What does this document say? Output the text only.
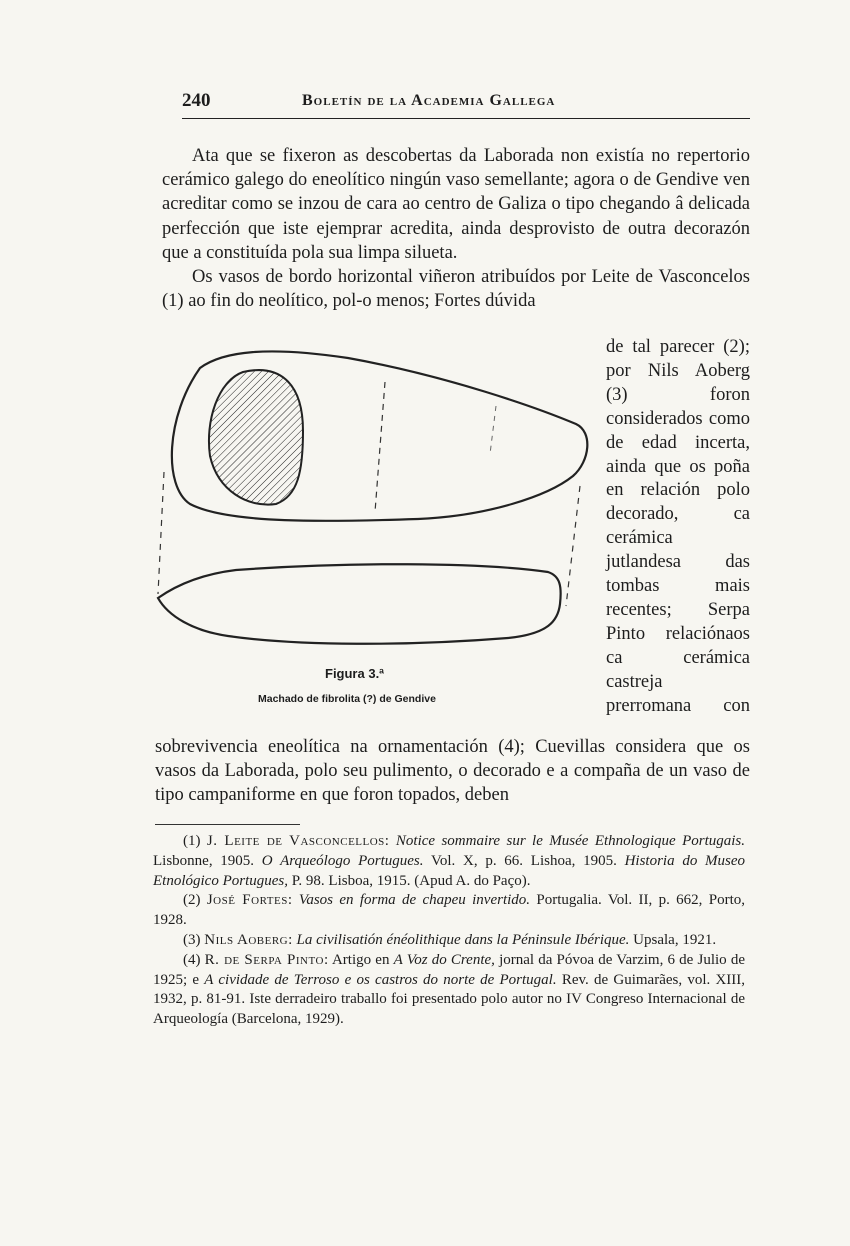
240	Boletín de la Academia Gallega

Ata que se fixeron as descobertas da Laborada non existía no repertorio cerámico galego do eneolítico ningún vaso semellante; agora o de Gendive ven acreditar como se inzou de cara ao centro de Galiza o tipo chegando â delicada perfección que iste ejemprar acredita, ainda desprovisto de outra decorazón que a constituída pola sua limpa silueta.

Os vasos de bordo horizontal viñeron atribuídos por Leite de Vasconcelos (1) ao fin do neolítico, pol-o menos; Fortes dúvida

Figura 3.ª
Machado de fibrolita (?) de Gendive
de tal parecer (2); por Nils Aoberg (3) foron considerados como de edad incerta, ainda que os poña en relación polo decorado, ca cerámica jutlandesa das tombas mais recentes; Serpa Pinto relaciónaos ca cerámica castreja prerromana con
sobrevivencia eneolítica na ornamentación (4); Cuevillas considera que os vasos da Laborada, polo seu pulimento, o decorado e a compaña de un vaso de tipo campaniforme en que foron topados, deben

(1) J. Leite de Vasconcellos: Notice sommaire sur le Musée Ethnologique Portugais. Lisbonne, 1905. O Arqueólogo Portugues. Vol. X, p. 66. Lishoa, 1905. Historia do Museo Etnológico Portugues, P. 98. Lisboa, 1915. (Apud A. do Paço).

(2) José Fortes: Vasos en forma de chapeu invertido. Portugalia. Vol. II, p. 662, Porto, 1928.

(3) Nils Aoberg: La civilisatión énéolithique dans la Péninsule Ibérique. Upsala, 1921.

(4) R. de Serpa Pinto: Artigo en A Voz do Crente, jornal da Póvoa de Varzim, 6 de Julio de 1925; e A cividade de Terroso e os castros do norte de Portugal. Rev. de Guimarães, vol. XIII, 1932, p. 81-91. Iste derradeiro traballo foi presentado polo autor no IV Congreso Internacional de Arqueología (Barcelona, 1929).
